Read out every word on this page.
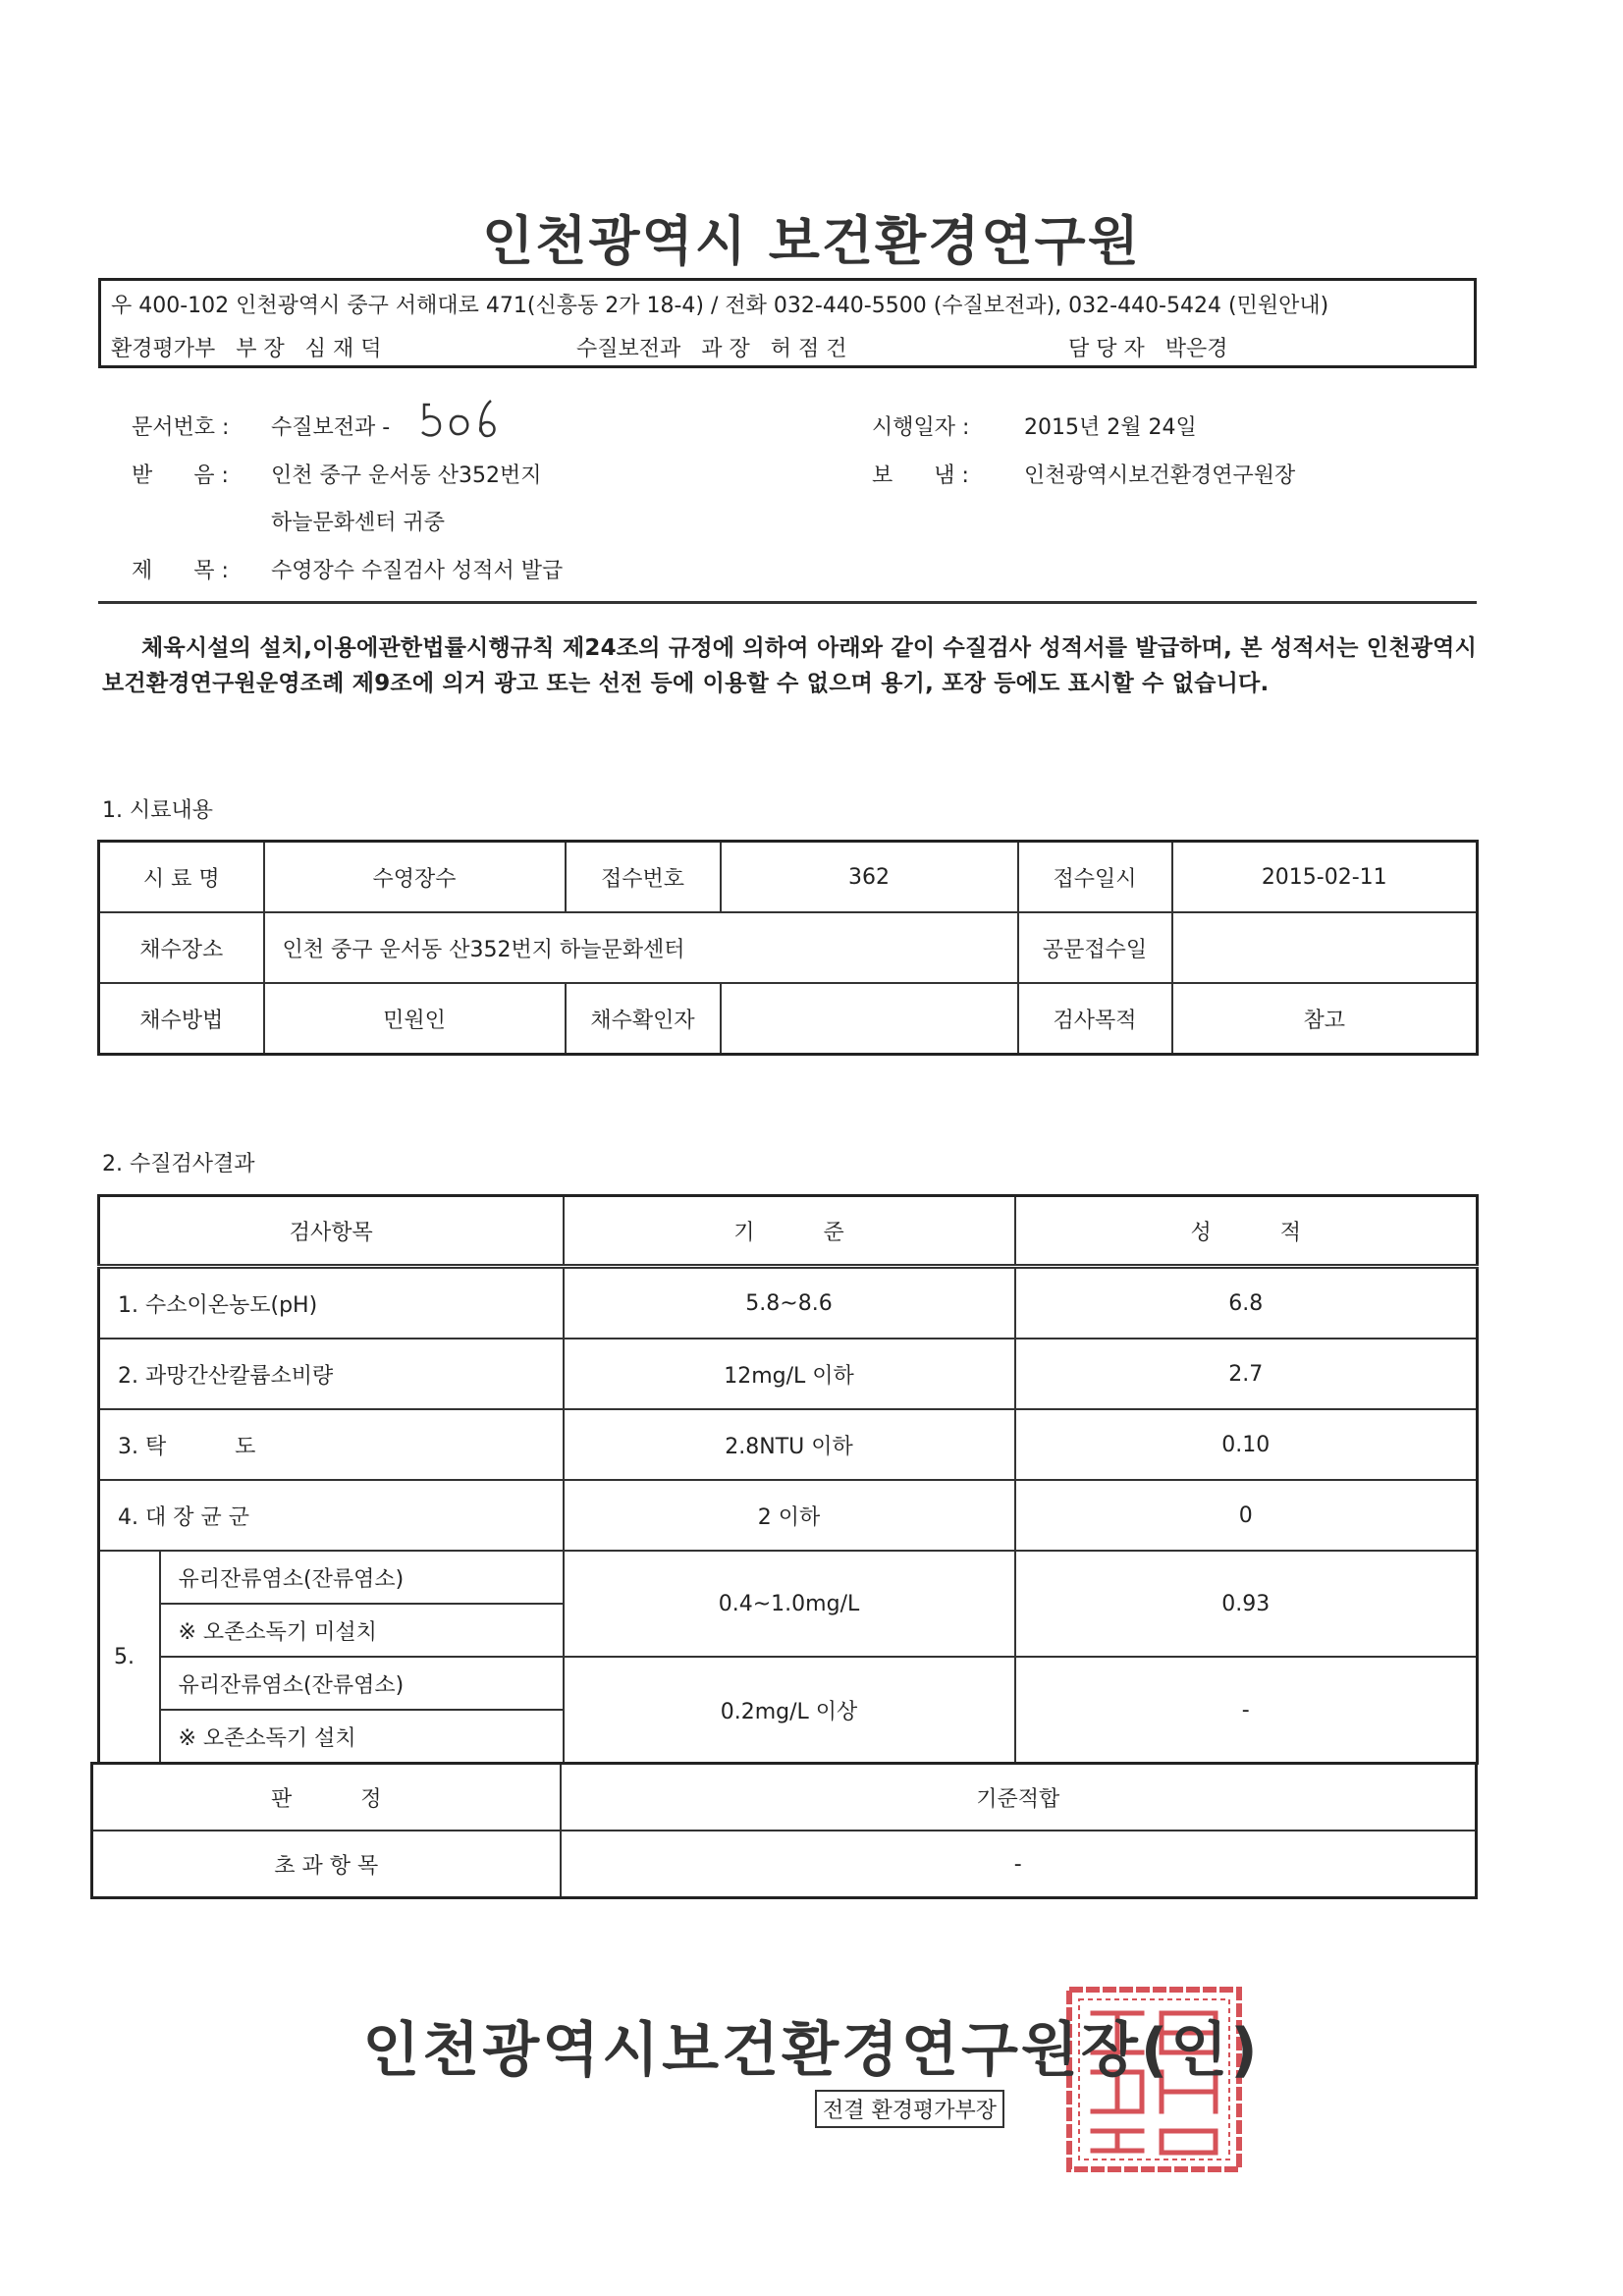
인천광역시 보건환경연구원
우 400-102 인천광역시 중구 서해대로 471(신흥동 2가 18-4) / 전화 032-440-5500 (수질보전과), 032-440-5424 (민원안내)
환경평가부 부 장 심 재 덕	수질보전과 과 장 허 점 건	담 당 자 박은경
문서번호 : 수질보전과 -	시행일자 :	2015년 2월 24일
받      음 : 인천 중구 운서동 산352번지	보      냄 :	인천광역시보건환경연구원장
하늘문화센터 귀중
제      목 : 수영장수 수질검사 성적서 발급
체육시설의 설치,이용에관한법률시행규칙 제24조의 규정에 의하여 아래와 같이 수질검사 성적서를 발급하며, 본 성적서는 인천광역시보건환경연구원운영조례 제9조에 의거 광고 또는 선전 등에 이용할 수 없으며 용기, 포장 등에도 표시할 수 없습니다.
1. 시료내용
시 료 명	수영장수	접수번호	362	접수일시	2015-02-11
채수장소	인천 중구 운서동 산352번지 하늘문화센터			공문접수일	
채수방법	민원인	채수확인자		검사목적	참고
2. 수질검사결과
검사항목		기          준	성          적
1. 수소이온농도(pH)		5.8~8.6	6.8
2. 과망간산칼륨소비량		12mg/L 이하	2.7
3. 탁          도		2.8NTU 이하	0.10
4. 대 장 균 군		2 이하	0
5.	유리잔류염소(잔류염소)	0.4~1.0mg/L	0.93
	※ 오존소독기 미설치		
	유리잔류염소(잔류염소)	0.2mg/L 이상	-
	※ 오존소독기 설치		
판          정	기준적합
초 과 항 목	-
인천광역시보건환경연구원장(인)
전결 환경평가부장
